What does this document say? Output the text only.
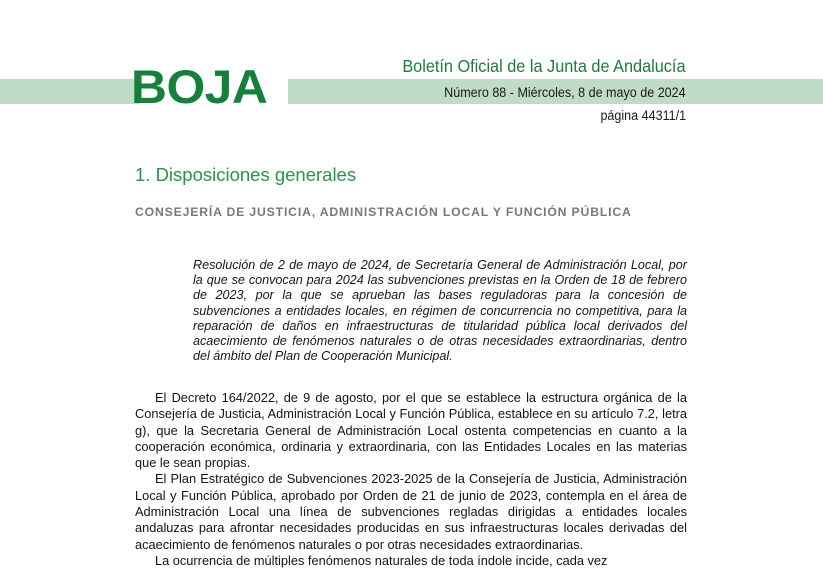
BOJA	Boletín Oficial de la Junta de Andalucía
Número 88 - Miércoles, 8 de mayo de 2024
página 44311/1
1. Disposiciones generales
CONSEJERÍA DE JUSTICIA, ADMINISTRACIÓN LOCAL Y FUNCIÓN PÚBLICA
Resolución de 2 de mayo de 2024, de Secretaría General de Administración Local, por la que se convocan para 2024 las subvenciones previstas en la Orden de 18 de febrero de 2023, por la que se aprueban las bases reguladoras para la concesión de subvenciones a entidades locales, en régimen de concurrencia no competitiva, para la reparación de daños en infraestructuras de titularidad pública local derivados del acaecimiento de fenómenos naturales o de otras necesidades extraordinarias, dentro del ámbito del Plan de Cooperación Municipal.

El Decreto 164/2022, de 9 de agosto, por el que se establece la estructura orgánica de la Consejería de Justicia, Administración Local y Función Pública, establece en su artículo 7.2, letra g), que la Secretaria General de Administración Local ostenta competencias en cuanto a la cooperación económica, ordinaria y extraordinaria, con las Entidades Locales en las materias que le sean propias.

El Plan Estratégico de Subvenciones 2023-2025 de la Consejería de Justicia, Administración Local y Función Pública, aprobado por Orden de 21 de junio de 2023, contempla en el área de Administración Local una línea de subvenciones regladas dirigidas a entidades locales andaluzas para afrontar necesidades producidas en sus infraestructuras locales derivadas del acaecimiento de fenómenos naturales o por otras necesidades extraordinarias.

La ocurrencia de múltiples fenómenos naturales de toda índole incide, cada vez
